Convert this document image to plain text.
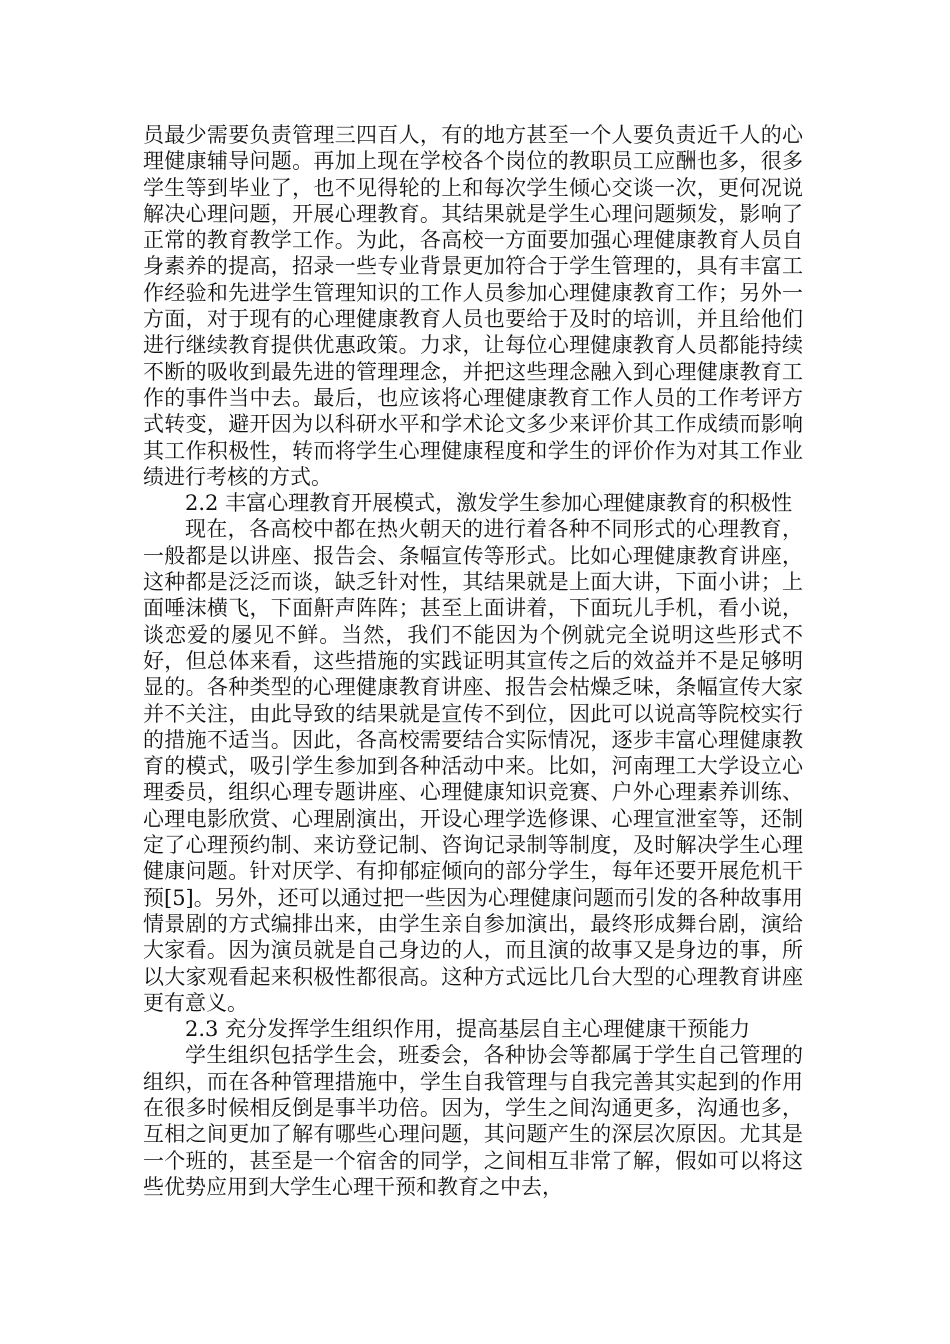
员最少需要负责管理三四百人，有的地方甚至一个人要负责近千人的心理健康辅导问题。再加上现在学校各个岗位的教职员工应酬也多，很多学生等到毕业了，也不见得轮的上和每次学生倾心交谈一次，更何况说解决心理问题，开展心理教育。其结果就是学生心理问题频发，影响了正常的教育教学工作。为此，各高校一方面要加强心理健康教育人员自身素养的提高，招录一些专业背景更加符合于学生管理的，具有丰富工作经验和先进学生管理知识的工作人员参加心理健康教育工作；另外一方面，对于现有的心理健康教育人员也要给于及时的培训，并且给他们进行继续教育提供优惠政策。力求，让每位心理健康教育人员都能持续不断的吸收到最先进的管理理念，并把这些理念融入到心理健康教育工作的事件当中去。最后，也应该将心理健康教育工作人员的工作考评方式转变，避开因为以科研水平和学术论文多少来评价其工作成绩而影响其工作积极性，转而将学生心理健康程度和学生的评价作为对其工作业绩进行考核的方式。

2.2 丰富心理教育开展模式，激发学生参加心理健康教育的积极性

现在，各高校中都在热火朝天的进行着各种不同形式的心理教育，一般都是以讲座、报告会、条幅宣传等形式。比如心理健康教育讲座，这种都是泛泛而谈，缺乏针对性，其结果就是上面大讲，下面小讲；上面唾沫横飞，下面鼾声阵阵；甚至上面讲着，下面玩儿手机，看小说，谈恋爱的屡见不鲜。当然，我们不能因为个例就完全说明这些形式不好，但总体来看，这些措施的实践证明其宣传之后的效益并不是足够明显的。各种类型的心理健康教育讲座、报告会枯燥乏味，条幅宣传大家并不关注，由此导致的结果就是宣传不到位，因此可以说高等院校实行的措施不适当。因此，各高校需要结合实际情况，逐步丰富心理健康教育的模式，吸引学生参加到各种活动中来。比如，河南理工大学设立心理委员，组织心理专题讲座、心理健康知识竞赛、户外心理素养训练、心理电影欣赏、心理剧演出，开设心理学选修课、心理宣泄室等，还制定了心理预约制、来访登记制、咨询记录制等制度，及时解决学生心理健康问题。针对厌学、有抑郁症倾向的部分学生，每年还要开展危机干预[5]。另外，还可以通过把一些因为心理健康问题而引发的各种故事用情景剧的方式编排出来，由学生亲自参加演出，最终形成舞台剧，演给大家看。因为演员就是自己身边的人，而且演的故事又是身边的事，所以大家观看起来积极性都很高。这种方式远比几台大型的心理教育讲座更有意义。

2.3 充分发挥学生组织作用，提高基层自主心理健康干预能力

学生组织包括学生会，班委会，各种协会等都属于学生自己管理的组织，而在各种管理措施中，学生自我管理与自我完善其实起到的作用在很多时候相反倒是事半功倍。因为，学生之间沟通更多，沟通也多，互相之间更加了解有哪些心理问题，其问题产生的深层次原因。尤其是一个班的，甚至是一个宿舍的同学，之间相互非常了解，假如可以将这些优势应用到大学生心理干预和教育之中去，
